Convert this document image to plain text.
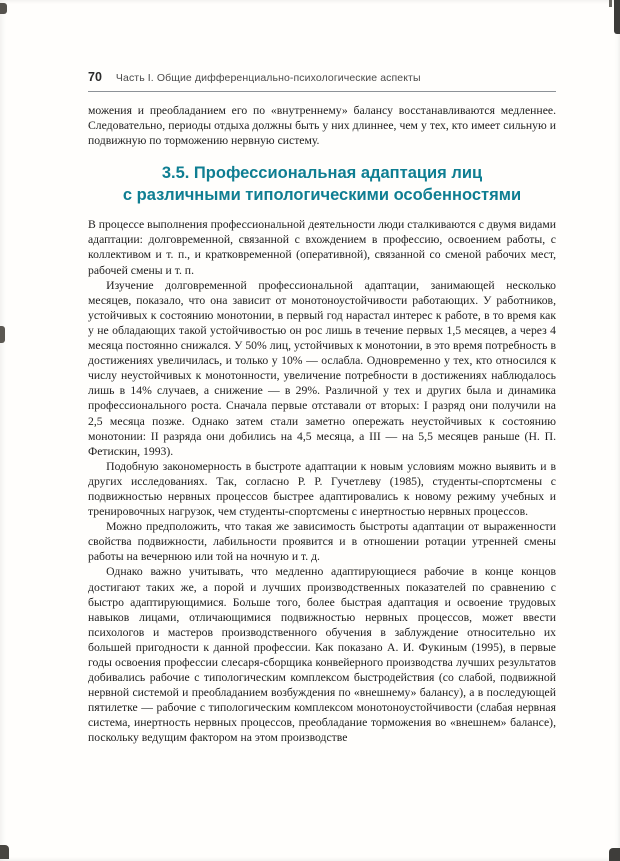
70 Часть I. Общие дифференциально-психологические аспекты

можения и преобладанием его по «внутреннему» балансу восстанавливаются медленнее. Следовательно, периоды отдыха должны быть у них длиннее, чем у тех, кто имеет сильную и подвижную по торможению нервную систему.

3.5. Профессиональная адаптация лиц
с различными типологическими особенностями

В процессе выполнения профессиональной деятельности люди сталкиваются с двумя видами адаптации: долговременной, связанной с вхождением в профессию, освоением работы, с коллективом и т. п., и кратковременной (оперативной), связанной со сменой рабочих мест, рабочей смены и т. п.

Изучение долговременной профессиональной адаптации, занимающей несколько месяцев, показало, что она зависит от монотоноустойчивости работающих. У работников, устойчивых к состоянию монотонии, в первый год нарастал интерес к работе, в то время как у не обладающих такой устойчивостью он рос лишь в течение первых 1,5 месяцев, а через 4 месяца постоянно снижался. У 50% лиц, устойчивых к монотонии, в это время потребность в достижениях увеличилась, и только у 10% — ослабла. Одновременно у тех, кто относился к числу неустойчивых к монотонности, увеличение потребности в достижениях наблюдалось лишь в 14% случаев, а снижение — в 29%. Различной у тех и других была и динамика профессионального роста. Сначала первые отставали от вторых: I разряд они получили на 2,5 месяца позже. Однако затем стали заметно опережать неустойчивых к состоянию монотонии: II разряда они добились на 4,5 месяца, а III — на 5,5 месяцев раньше (Н. П. Фетискин, 1993).

Подобную закономерность в быстроте адаптации к новым условиям можно выявить и в других исследованиях. Так, согласно Р. Р. Гучетлеву (1985), студенты-спортсмены с подвижностью нервных процессов быстрее адаптировались к новому режиму учебных и тренировочных нагрузок, чем студенты-спортсмены с инертностью нервных процессов.

Можно предположить, что такая же зависимость быстроты адаптации от выраженности свойства подвижности, лабильности проявится и в отношении ротации утренней смены работы на вечернюю или той на ночную и т. д.

Однако важно учитывать, что медленно адаптирующиеся рабочие в конце концов достигают таких же, а порой и лучших производственных показателей по сравнению с быстро адаптирующимися. Больше того, более быстрая адаптация и освоение трудовых навыков лицами, отличающимися подвижностью нервных процессов, может ввести психологов и мастеров производственного обучения в заблуждение относительно их большей пригодности к данной профессии. Как показано А. И. Фукиным (1995), в первые годы освоения профессии слесаря-сборщика конвейерного производства лучших результатов добивались рабочие с типологическим комплексом быстродействия (со слабой, подвижной нервной системой и преобладанием возбуждения по «внешнему» балансу), а в последующей пятилетке — рабочие с типологическим комплексом монотоноустойчивости (слабая нервная система, инертность нервных процессов, преобладание торможения во «внешнем» балансе), поскольку ведущим фактором на этом производстве
